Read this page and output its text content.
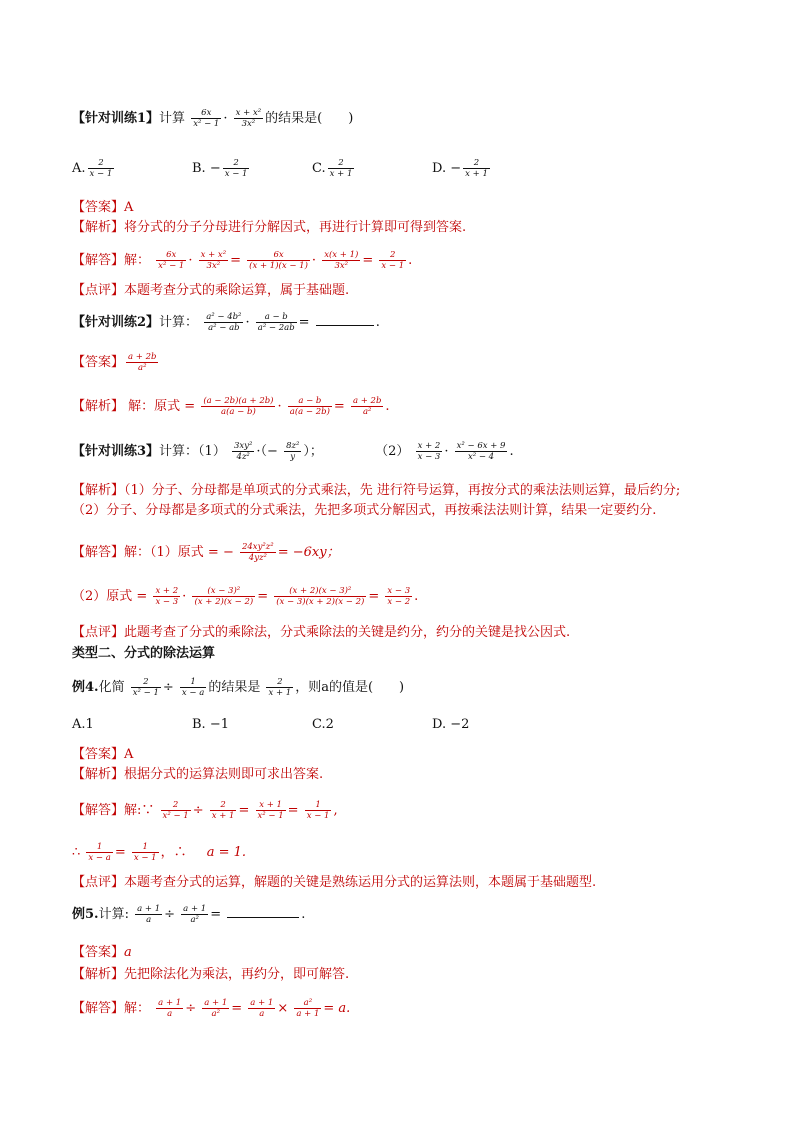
【针对训练1】计算 $\frac{6x}{\text{x² − 1}} \cdot \frac{\text{x + x²}}{\text{3x²}}$ 的结果是(　　)
A. $\frac{2}{x - 1}$	B. − $\frac{2}{x - 1}$	C. $\frac{2}{x + 1}$	D. − $\frac{2}{x + 1}$
【答案】A
【解析】将分式的分子分母进行分解因式，再进行计算即可得到答案.
【解答】解： $\frac{6x}{\text{x² − 1}} \cdot \frac{\text{x + x²}}{\text{3x²}} = \frac{6x}{(x + 1)(x - 1)} \cdot \frac{x(x + 1)}{\text{3x²}} = \frac{2}{x - 1}$ .
【点评】本题考查分式的乘除运算，属于基础题.
【针对训练2】计算： $\frac{\text{a² − 4b²}}{\text{a² − ab}} \cdot \frac{a - b}{\text{a² − 2ab}}$ =	.
【答案】 $\frac{a + 2b}{\text{a²}}$
【解析】 解：原式 = $\frac{(a - 2b)(a + 2b)}{a(a - b)} \cdot \frac{a - b}{a(a - 2b)} = \frac{a + 2b}{\text{a²}}$ .
【针对训练3】计算：$(1) \frac{\text{3xy²}}{\text{4z²}}$ ·（− $\frac{\text{8z²}}{y}$ ）；	$(2) \frac{x + 2}{x - 3} \cdot \frac{\text{x² − 6x + 9}}{\text{x² − 4}}$ .
【解析】（1）分子、分母都是单项式的分式乘法，先 进行符号运算，再按分式的乘法法则运算，最后约分;
（2）分子、分母都是多项式的分式乘法，先把多项式分解因式，再按乘法法则计算，结果一定要约分.
【解答】解：（1）原式 = − $\frac{\text{24xy²z²}}{\text{4yz²}} = -6xy$；
（2）原式 = $\frac{x + 2}{x - 3} \cdot \frac{\text{(x − 3)²}}{(x + 2)(x - 2)} = \frac{\text{(x + 2)(x − 3)²}}{(x - 3)(x + 2)(x - 2)} = \frac{x - 3}{x - 2}$ .
【点评】此题考查了分式的乘除法，分式乘除法的关键是约分，约分的关键是找公因式.
类型二、分式的除法运算
例4.化简 $\frac{2}{\text{x² − 1}} \div \frac{1}{x - a}$ 的结果是 $\frac{2}{x + 1}$ ，则a的值是(　　)
A.1	B. −1	C.2	D. −2
【答案】A
【解析】根据分式的运算法则即可求出答案.
【解答】解:∵ $\frac{2}{\text{x² − 1}} \div \frac{2}{x + 1} = \frac{x + 1}{\text{x² − 1}} = \frac{1}{x - 1}$ ,
∴ $\frac{1}{x - a} = \frac{1}{x - 1}$ ，∴ a = 1.
【点评】本题考查分式的运算，解题的关键是熟练运用分式的运算法则，本题属于基础题型.
例5.计算: $\frac{a + 1}{a} \div \frac{a + 1}{\text{a²}}$ =	.
【答案】a
【解析】先把除法化为乘法，再约分，即可解答.
【解答】解： $\frac{a + 1}{a} \div \frac{a + 1}{\text{a²}} = \frac{a + 1}{a} \times \frac{\text{a²}}{a + 1} = a$.
